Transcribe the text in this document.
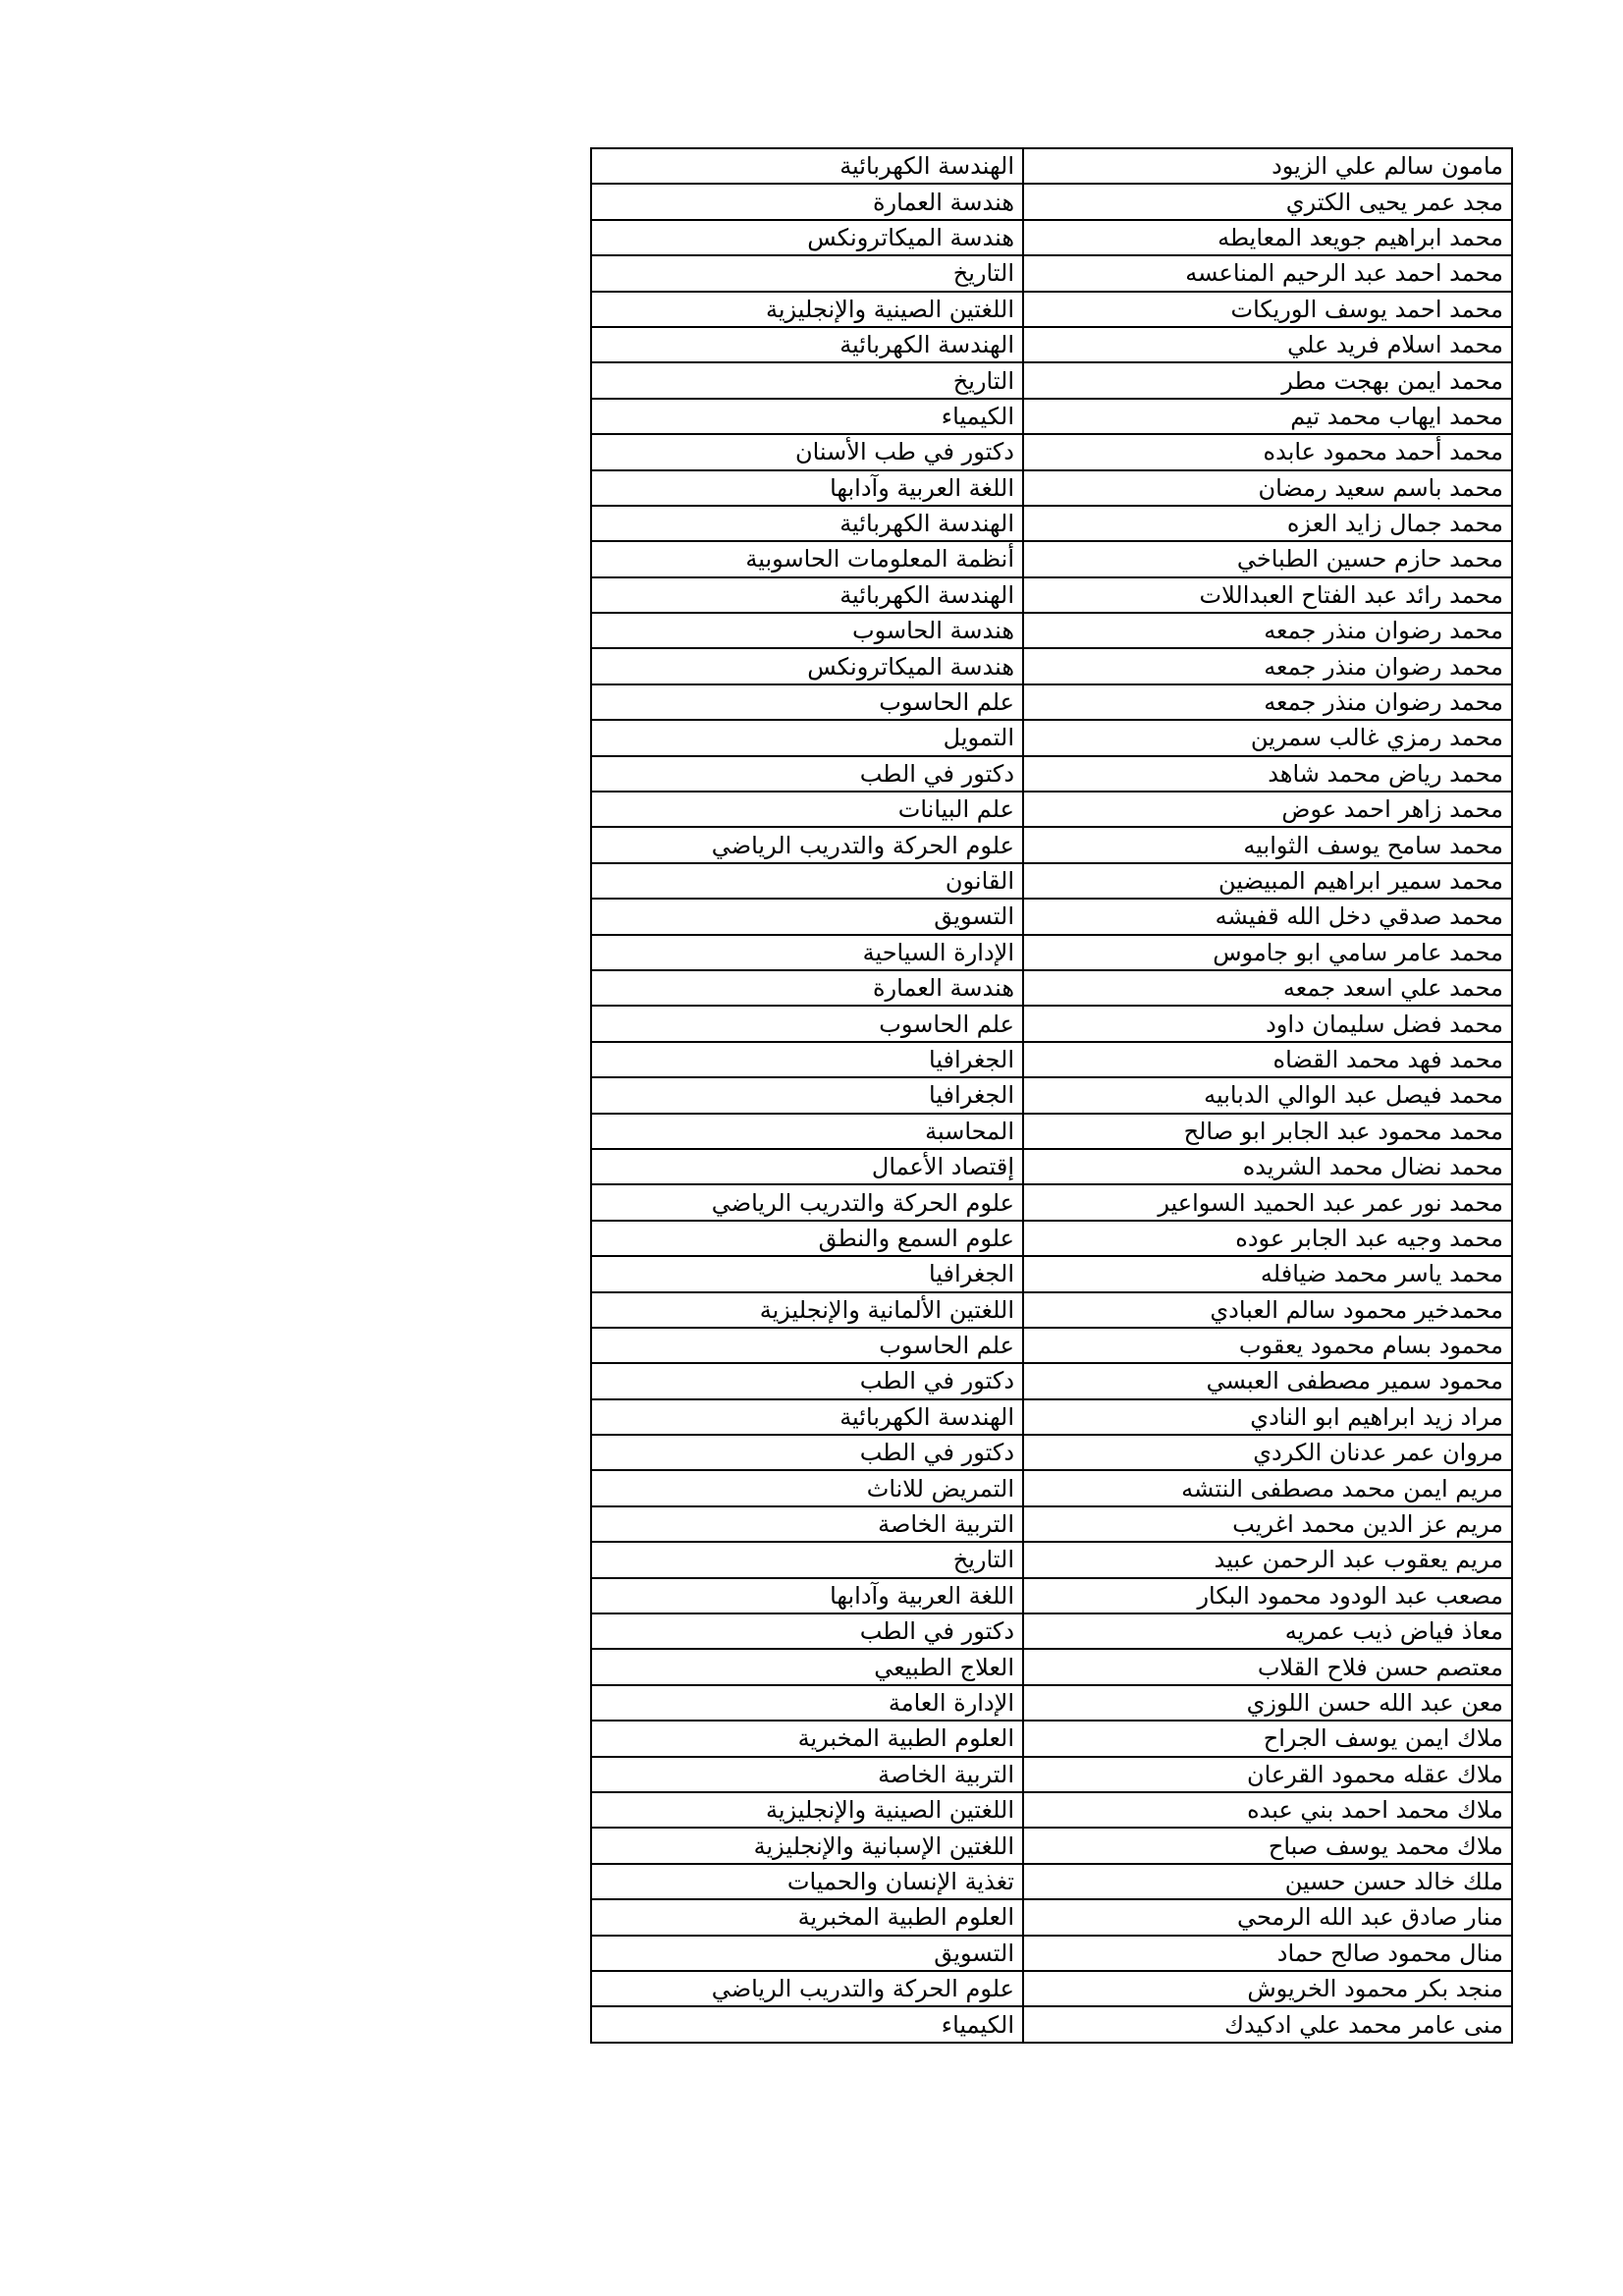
مامون سالم علي الزيود	الهندسة الكهربائية
مجد عمر يحيى الكتري	هندسة العمارة
محمد ابراهيم جويعد المعايطه	هندسة الميكاترونكس
محمد احمد عبد الرحيم المناعسه	التاريخ
محمد احمد يوسف الوريكات	اللغتين الصينية والإنجليزية
محمد اسلام فريد علي	الهندسة الكهربائية
محمد ايمن بهجت مطر	التاريخ
محمد ايهاب محمد تيم	الكيمياء
محمد أحمد محمود عابده	دكتور في طب الأسنان
محمد باسم سعيد رمضان	اللغة العربية وآدابها
محمد جمال زايد العزه	الهندسة الكهربائية
محمد حازم حسين الطباخي	أنظمة المعلومات الحاسوبية
محمد رائد عبد الفتاح العبداللات	الهندسة الكهربائية
محمد رضوان منذر جمعه	هندسة الحاسوب
محمد رضوان منذر جمعه	هندسة الميكاترونكس
محمد رضوان منذر جمعه	علم الحاسوب
محمد رمزي غالب سمرين	التمويل
محمد رياض محمد شاهد	دكتور في الطب
محمد زاهر احمد عوض	علم البيانات
محمد سامح يوسف الثوابيه	علوم الحركة والتدريب الرياضي
محمد سمير ابراهيم المبيضين	القانون
محمد صدقي دخل الله قفيشه	التسويق
محمد عامر سامي ابو جاموس	الإدارة السياحية
محمد علي اسعد جمعه	هندسة العمارة
محمد فضل سليمان داود	علم الحاسوب
محمد فهد محمد القضاه	الجغرافيا
محمد فيصل عبد الوالي الدبابيه	الجغرافيا
محمد محمود عبد الجابر ابو صالح	المحاسبة
محمد نضال محمد الشريده	إقتصاد الأعمال
محمد نور عمر عبد الحميد السواعير	علوم الحركة والتدريب الرياضي
محمد وجيه عبد الجابر عوده	علوم السمع والنطق
محمد ياسر محمد ضيافله	الجغرافيا
محمدخير محمود سالم العبادي	اللغتين الألمانية والإنجليزية
محمود بسام محمود يعقوب	علم الحاسوب
محمود سمير مصطفى العبسي	دكتور في الطب
مراد زيد ابراهيم ابو النادي	الهندسة الكهربائية
مروان عمر عدنان الكردي	دكتور في الطب
مريم ايمن محمد مصطفى النتشه	التمريض للاناث
مريم عز الدين محمد اغريب	التربية الخاصة
مريم يعقوب عبد الرحمن عبيد	التاريخ
مصعب عبد الودود محمود البكار	اللغة العربية وآدابها
معاذ فياض ذيب عمريه	دكتور في الطب
معتصم حسن فلاح القلاب	العلاج الطبيعي
معن عبد الله حسن اللوزي	الإدارة العامة
ملاك ايمن يوسف الجراح	العلوم الطبية المخبرية
ملاك عقله محمود القرعان	التربية الخاصة
ملاك محمد احمد بني عبده	اللغتين الصينية والإنجليزية
ملاك محمد يوسف صباح	اللغتين الإسبانية والإنجليزية
ملك خالد حسن حسين	تغذية الإنسان والحميات
منار صادق عبد الله الرمحي	العلوم الطبية المخبرية
منال محمود صالح حماد	التسويق
منجد بكر محمود الخريوش	علوم الحركة والتدريب الرياضي
منى عامر محمد علي ادكيدك	الكيمياء
